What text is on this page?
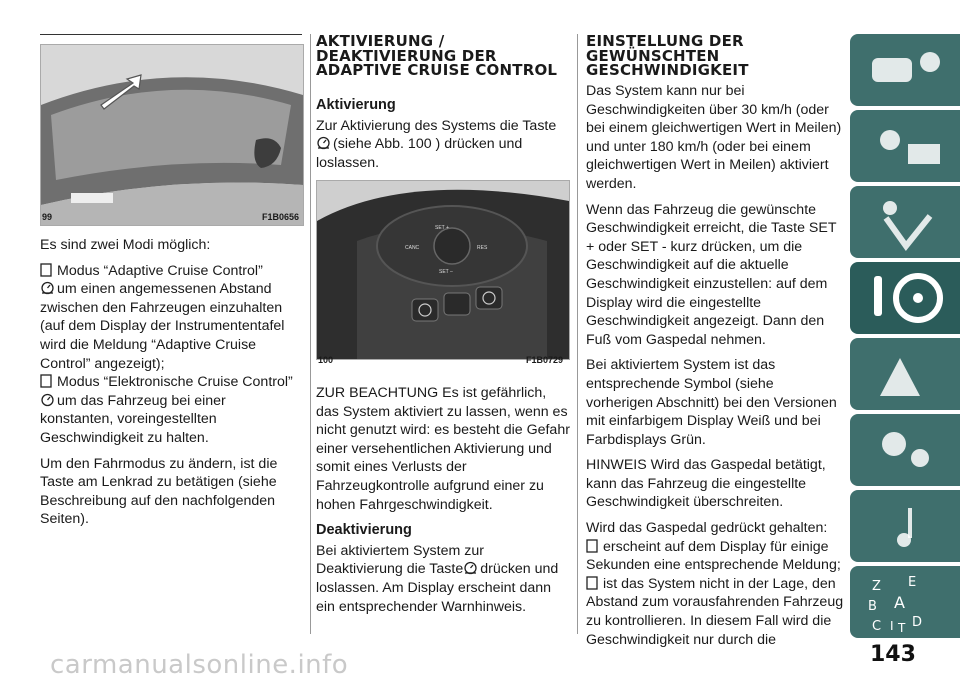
99	F1B0656

Es sind zwei Modi möglich:

Modus “Adaptive Cruise Control”
um einen angemessenen Abstand zwischen den Fahrzeugen einzuhalten (auf dem Display der Instrumententafel wird die Meldung “Adaptive Cruise Control” angezeigt);
Modus “Elektronische Cruise Control”um das Fahrzeug bei einer konstanten, voreingestellten Geschwindigkeit zu halten.

Um den Fahrmodus zu ändern, ist die Taste am Lenkrad zu betätigen (siehe Beschreibung auf den nachfolgenden Seiten).

AKTIVIERUNG / DEAKTIVIERUNG DER ADAPTIVE CRUISE CONTROL
Aktivierung

Zur Aktivierung des Systems die Taste
(siehe Abb. 100 ) drücken und loslassen.

SET +
CANC	RES
SET –
100	F1B0729

ZUR BEACHTUNG Es ist gefährlich, das System aktiviert zu lassen, wenn es nicht genutzt wird: es besteht die Gefahr einer versehentlichen Aktivierung und somit eines Verlusts der Fahrzeugkontrolle aufgrund einer zu hohen Fahrgeschwindigkeit.

Deaktivierung

Bei aktiviertem System zur Deaktivierung die Taste drücken und loslassen. Am Display erscheint dann ein entsprechender Warnhinweis.

EINSTELLUNG DER GEWÜNSCHTEN GESCHWINDIGKEIT

Das System kann nur bei Geschwindigkeiten über 30 km/h (oder bei einem gleichwertigen Wert in Meilen) und unter 180 km/h (oder bei einem gleichwertigen Wert in Meilen) aktiviert werden.

Wenn das Fahrzeug die gewünschte Geschwindigkeit erreicht, die Taste SET + oder SET - kurz drücken, um die Geschwindigkeit auf die aktuelle Geschwindigkeit einzustellen: auf dem Display wird die eingestellte Geschwindigkeit angezeigt. Dann den Fuß vom Gaspedal nehmen.

Bei aktiviertem System ist das entsprechende Symbol (siehe vorherigen Abschnitt) bei den Versionen mit einfarbigem Display Weiß und bei Farbdisplays Grün.

HINWEIS Wird das Gaspedal betätigt, kann das Fahrzeug die eingestellte Geschwindigkeit überschreiten.

Wird das Gaspedal gedrückt gehalten:
erscheint auf dem Display für einige Sekunden eine entsprechende Meldung;
ist das System nicht in der Lage, den Abstand zum vorausfahrenden Fahrzeug zu kontrollieren. In diesem Fall wird die Geschwindigkeit nur durch die

Z E
B A
C D
I T
143
carmanualsonline.info
